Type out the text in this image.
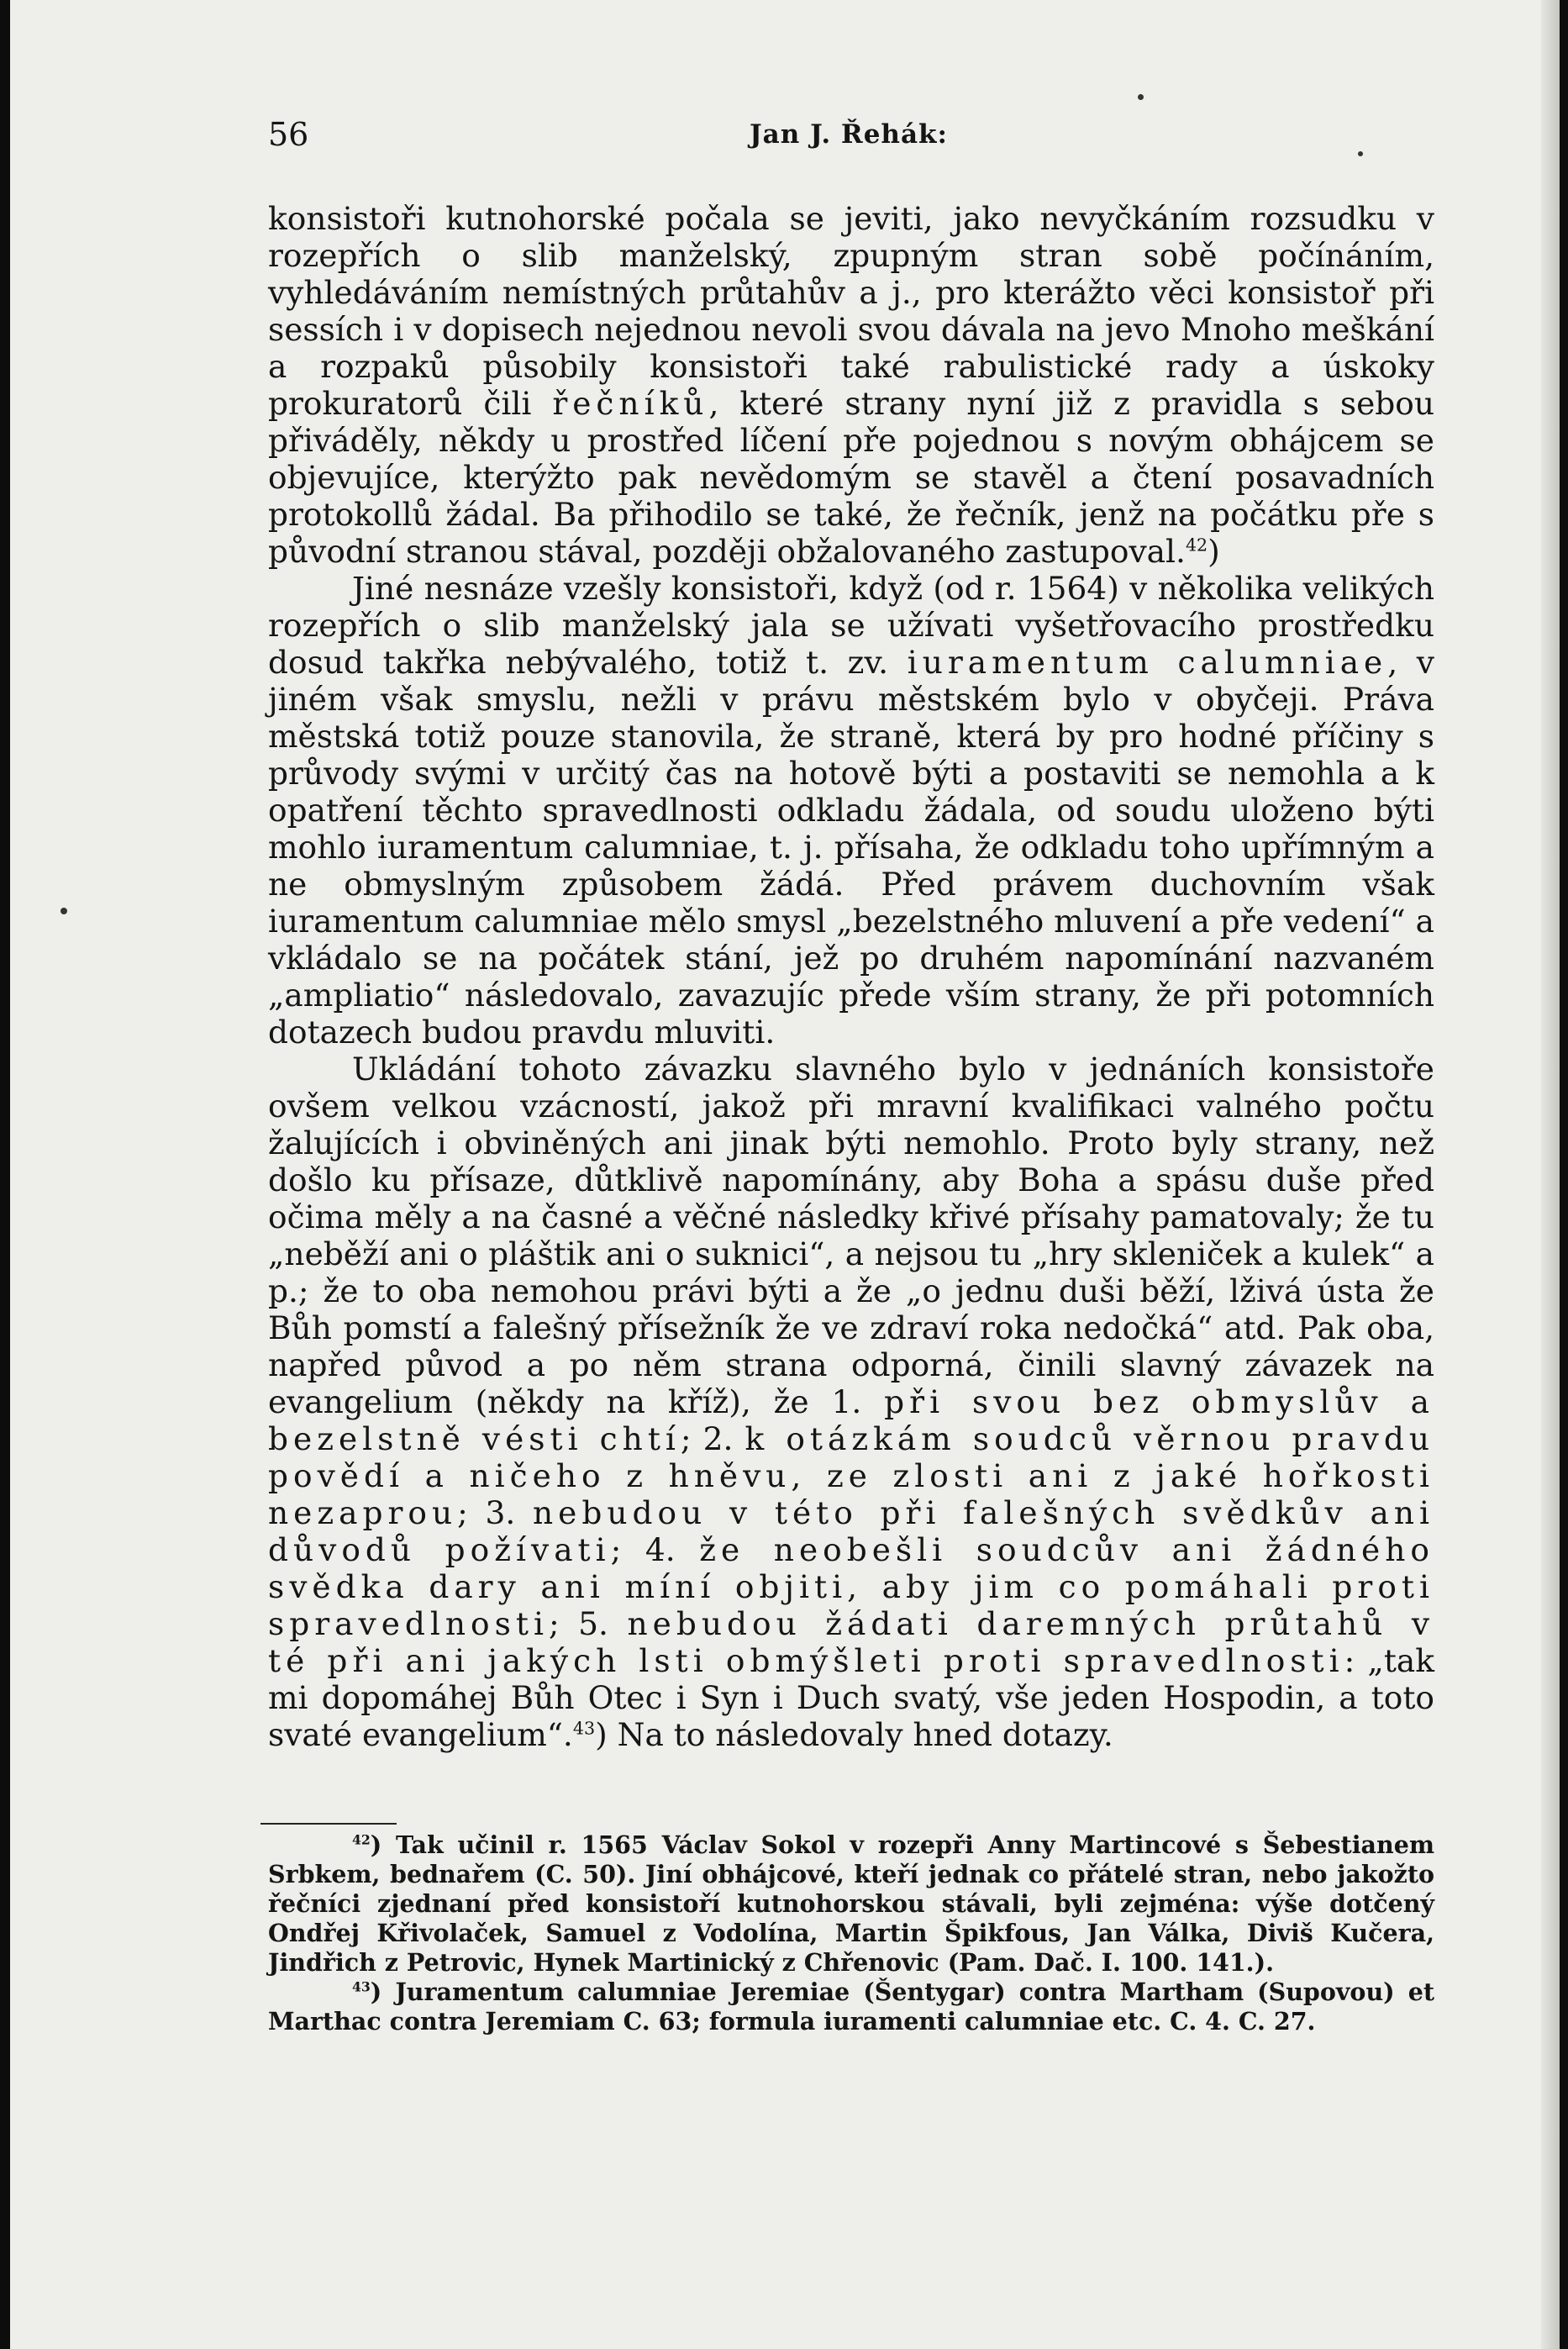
56	Jan J. Řehák:

konsistoři kutnohorské počala se jeviti, jako nevyčkáním rozsudku v rozepřích o slib manželský, zpupným stran sobě počínáním, vyhledáváním nemístných průtahův a j., pro kterážto věci konsistoř při sessích i v dopisech nejednou nevoli svou dávala na jevo Mnoho meškání a rozpaků působily konsistoři také rabulistické rady a úskoky prokuratorů čili řečníků, které strany nyní již z pravidla s sebou přiváděly, někdy u prostřed líčení pře pojednou s novým obhájcem se objevujíce, kterýžto pak nevědomým se stavěl a čtení posavadních protokollů žádal. Ba přihodilo se také, že řečník, jenž na počátku pře s původní stranou stával, později obžalovaného zastupoval.$^{42}$)

Jiné nesnáze vzešly konsistoři, když (od r. 1564) v několika velikých rozepřích o slib manželský jala se užívati vyšetřovacího prostředku dosud takřka nebývalého, totiž t. zv. iuramentum calumniae, v jiném však smyslu, nežli v právu městském bylo v obyčeji. Práva městská totiž pouze stanovila, že straně, která by pro hodné příčiny s průvody svými v určitý čas na hotově býti a postaviti se nemohla a k opatření těchto spravedlnosti odkladu žádala, od soudu uloženo býti mohlo iuramentum calumniae, t. j. přísaha, že odkladu toho upřímným a ne obmyslným způsobem žádá. Před právem duchovním však iuramentum calumniae mělo smysl „bezelstného mluvení a pře vedení“ a vkládalo se na počátek stání, jež po druhém napomínání nazvaném „ampliatio“ následovalo, zavazujíc přede vším strany, že při potomních dotazech budou pravdu mluviti.

Ukládání tohoto závazku slavného bylo v jednáních konsistoře ovšem velkou vzácností, jakož při mravní kvalifikaci valného počtu žalujících i obviněných ani jinak býti nemohlo. Proto byly strany, než došlo ku přísaze, důtklivě napomínány, aby Boha a spásu duše před očima měly a na časné a věčné následky křivé přísahy pamatovaly; že tu „neběží ani o pláštik ani o suknici“, a nejsou tu „hry skleniček a kulek“ a p.; že to oba nemohou právi býti a že „o jednu duši běží, lživá ústa že Bůh pomstí a falešný přísežník že ve zdraví roka nedočká“ atd. Pak oba, napřed původ a po něm strana odporná, činili slavný závazek na evangelium (někdy na kříž), že 1. při svou bez obmyslův a bezelstně vésti chtí; 2. k otázkám soudců věrnou pravdu povědí a ničeho z hněvu, ze zlosti ani z jaké hořkosti nezaprou; 3. nebudou v této při falešných svědkův ani důvodů požívati; 4. že neobešli soudcův ani žádného svědka dary ani míní objiti, aby jim co pomáhali proti spravedlnosti; 5. nebudou žádati daremných průtahů v té při ani jakých lsti obmýšleti proti spravedlnosti: „tak mi dopomáhej Bůh Otec i Syn i Duch svatý, vše jeden Hospodin, a toto svaté evangelium“.$^{43}$) Na to následovaly hned dotazy.

$^{42}$) Tak učinil r. 1565 Václav Sokol v rozepři Anny Martincové s Šebestianem Srbkem, bednařem (C. 50). Jiní obhájcové, kteří jednak co přátelé stran, nebo jakožto řečníci zjednaní před konsistoří kutnohorskou stávali, byli zejména: výše dotčený Ondřej Křivolaček, Samuel z Vodolína, Martin Špikfous, Jan Válka, Diviš Kučera, Jindřich z Petrovic, Hynek Martinický z Chřenovic (Pam. Dač. I. 100. 141.).

$^{43}$) Juramentum calumniae Jeremiae (Šentygar) contra Martham (Supovou) et Marthac contra Jeremiam C. 63; formula iuramenti calumniae etc. C. 4. C. 27.
